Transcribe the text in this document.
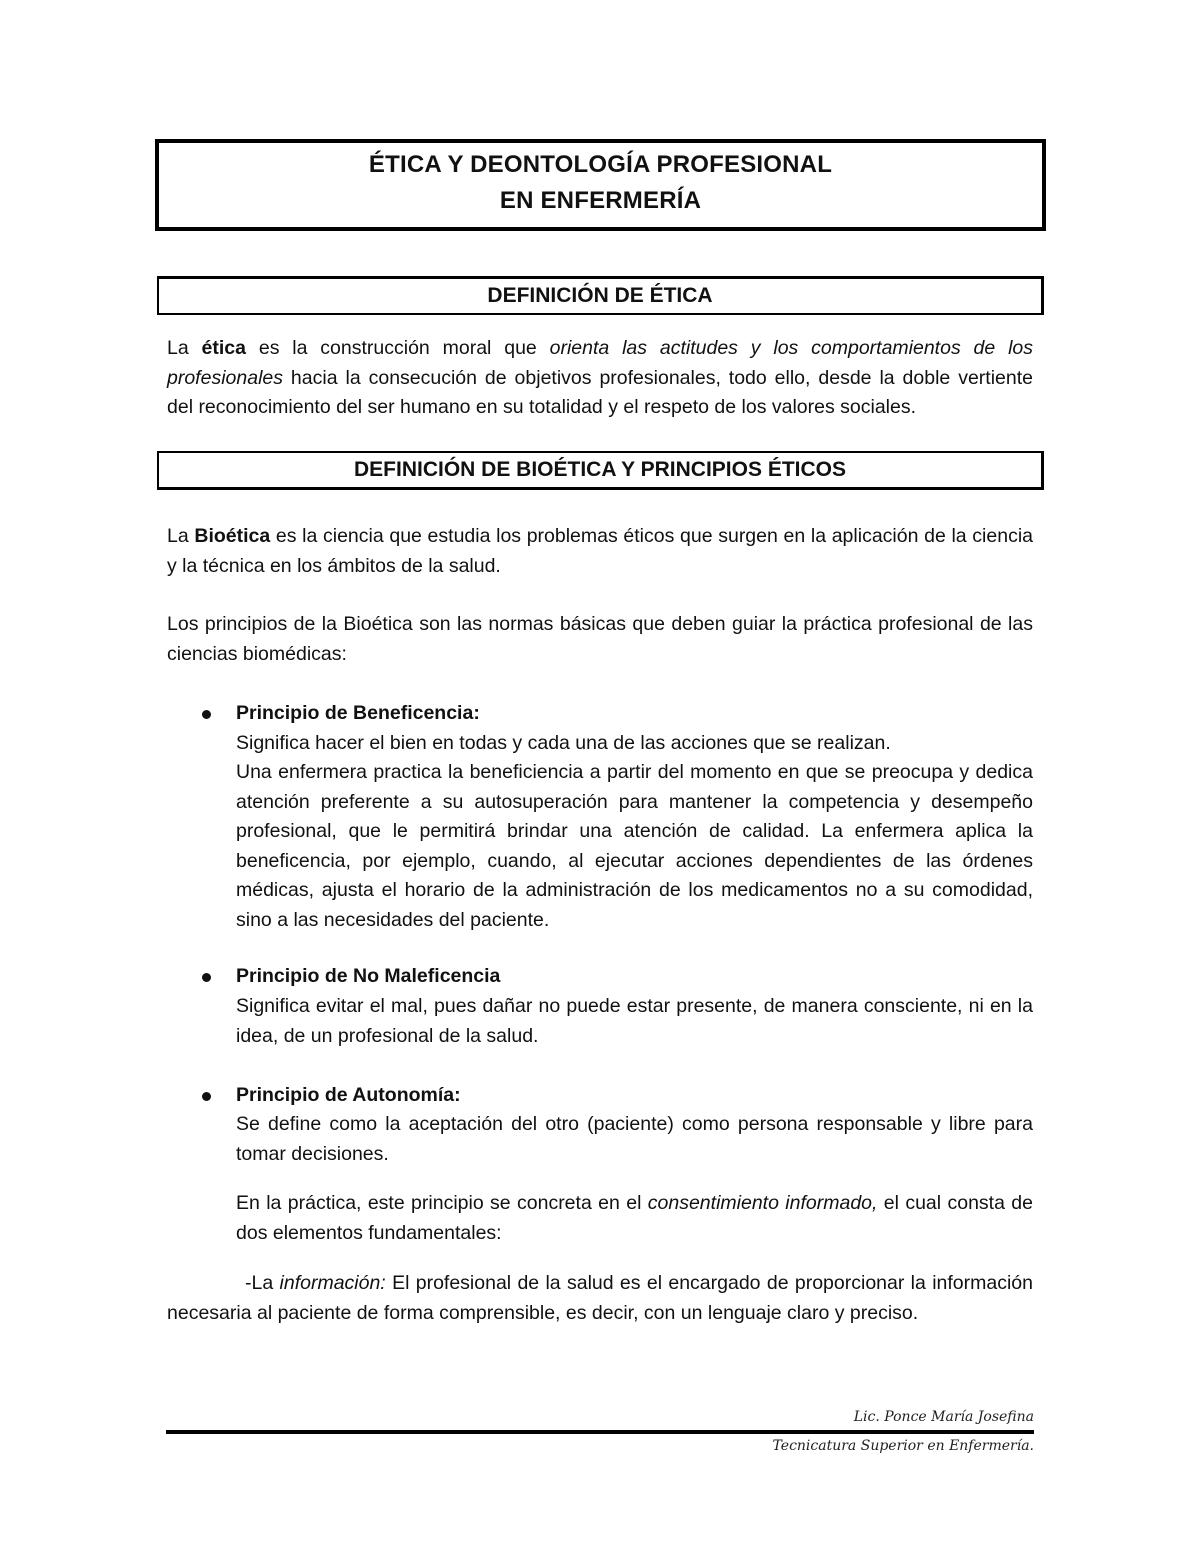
ÉTICA Y DEONTOLOGÍA PROFESIONAL
EN ENFERMERÍA
DEFINICIÓN DE ÉTICA
La ética es la construcción moral que orienta las actitudes y los comportamientos de los profesionales hacia la consecución de objetivos profesionales, todo ello, desde la doble vertiente del reconocimiento del ser humano en su totalidad y el respeto de los valores sociales.
DEFINICIÓN DE BIOÉTICA Y PRINCIPIOS ÉTICOS
La Bioética es la ciencia que estudia los problemas éticos que surgen en la aplicación de la ciencia y la técnica en los ámbitos de la salud.
Los principios de la Bioética son las normas básicas que deben guiar la práctica profesional de las ciencias biomédicas:
Principio de Beneficencia:
Significa hacer el bien en todas y cada una de las acciones que se realizan.
Una enfermera practica la beneficiencia a partir del momento en que se preocupa y dedica atención preferente a su autosuperación para mantener la competencia y desempeño profesional, que le permitirá brindar una atención de calidad. La enfermera aplica la beneficencia, por ejemplo, cuando, al ejecutar acciones dependientes de las órdenes médicas, ajusta el horario de la administración de los medicamentos no a su comodidad, sino a las necesidades del paciente.
Principio de No Maleficencia
Significa evitar el mal, pues dañar no puede estar presente, de manera consciente, ni en la idea, de un profesional de la salud.
Principio de Autonomía:
Se define como la aceptación del otro (paciente) como persona responsable y libre para tomar decisiones.
En la práctica, este principio se concreta en el consentimiento informado, el cual consta de dos elementos fundamentales:
-La información: El profesional de la salud es el encargado de proporcionar la información necesaria al paciente de forma comprensible, es decir, con un lenguaje claro y preciso.
Lic. Ponce María Josefina
Tecnicatura Superior en Enfermería.
